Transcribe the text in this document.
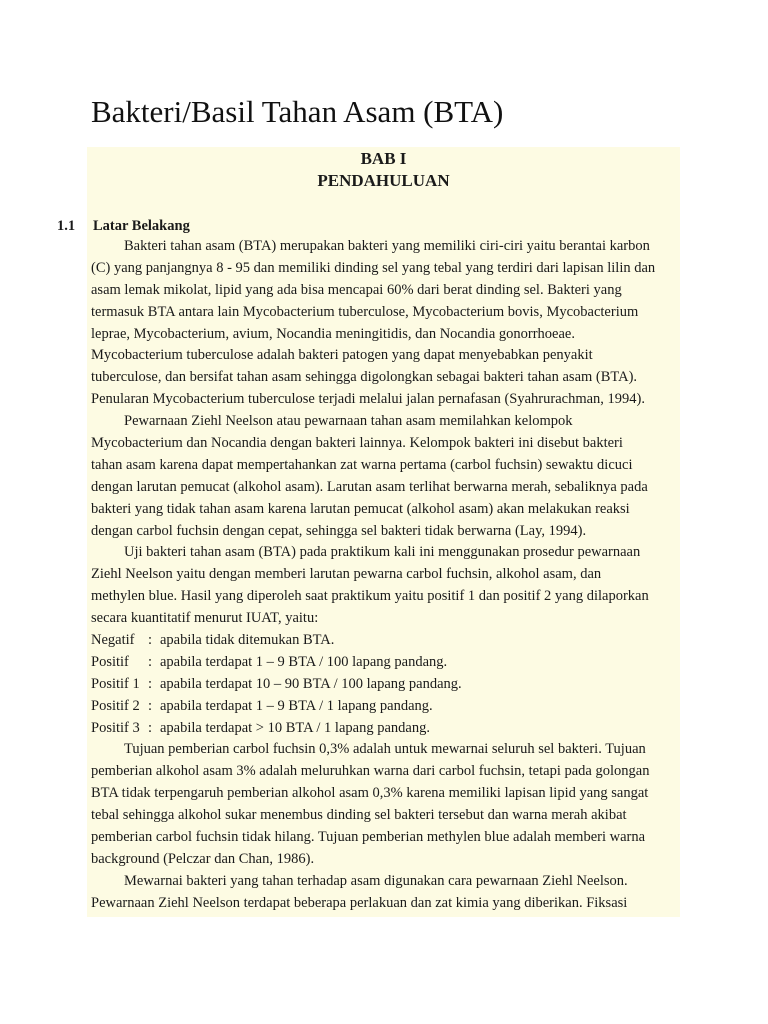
Bakteri/Basil Tahan Asam (BTA)
BAB I
PENDAHULUAN
1.1 Latar Belakang
Bakteri tahan asam (BTA) merupakan bakteri yang memiliki ciri-ciri yaitu berantai karbon
(C) yang panjangnya 8 - 95 dan memiliki dinding sel yang tebal yang terdiri dari lapisan lilin dan
asam lemak mikolat, lipid yang ada bisa mencapai 60% dari berat dinding sel. Bakteri yang
termasuk BTA antara lain Mycobacterium tuberculose, Mycobacterium bovis, Mycobacterium
leprae, Mycobacterium, avium, Nocandia meningitidis, dan Nocandia gonorrhoeae.
Mycobacterium tuberculose adalah bakteri patogen yang dapat menyebabkan penyakit
tuberculose, dan bersifat tahan asam sehingga digolongkan sebagai bakteri tahan asam (BTA).
Penularan Mycobacterium tuberculose terjadi melalui jalan pernafasan (Syahrurachman, 1994).
Pewarnaan Ziehl Neelson atau pewarnaan tahan asam memilahkan kelompok
Mycobacterium dan Nocandia dengan bakteri lainnya. Kelompok bakteri ini disebut bakteri
tahan asam karena dapat mempertahankan zat warna pertama (carbol fuchsin) sewaktu dicuci
dengan larutan pemucat (alkohol asam). Larutan asam terlihat berwarna merah, sebaliknya pada
bakteri yang tidak tahan asam karena larutan pemucat (alkohol asam) akan melakukan reaksi
dengan carbol fuchsin dengan cepat, sehingga sel bakteri tidak berwarna (Lay, 1994).
Uji bakteri tahan asam (BTA) pada praktikum kali ini menggunakan prosedur pewarnaan
Ziehl Neelson yaitu dengan memberi larutan pewarna carbol fuchsin, alkohol asam, dan
methylen blue. Hasil yang diperoleh saat praktikum yaitu positif 1 dan positif 2 yang dilaporkan
secara kuantitatif menurut IUAT, yaitu:
Negatif : apabila tidak ditemukan BTA.
Positif	: apabila terdapat 1 – 9 BTA / 100 lapang pandang.
Positif 1 : apabila terdapat 10 – 90 BTA / 100 lapang pandang.
Positif 2 : apabila terdapat 1 – 9 BTA / 1 lapang pandang.
Positif 3 : apabila terdapat > 10 BTA / 1 lapang pandang.
Tujuan pemberian carbol fuchsin 0,3% adalah untuk mewarnai seluruh sel bakteri. Tujuan
pemberian alkohol asam 3% adalah meluruhkan warna dari carbol fuchsin, tetapi pada golongan
BTA tidak terpengaruh pemberian alkohol asam 0,3% karena memiliki lapisan lipid yang sangat
tebal sehingga alkohol sukar menembus dinding sel bakteri tersebut dan warna merah akibat
pemberian carbol fuchsin tidak hilang. Tujuan pemberian methylen blue adalah memberi warna
background (Pelczar dan Chan, 1986).
Mewarnai bakteri yang tahan terhadap asam digunakan cara pewarnaan Ziehl Neelson.
Pewarnaan Ziehl Neelson terdapat beberapa perlakuan dan zat kimia yang diberikan. Fiksasi
